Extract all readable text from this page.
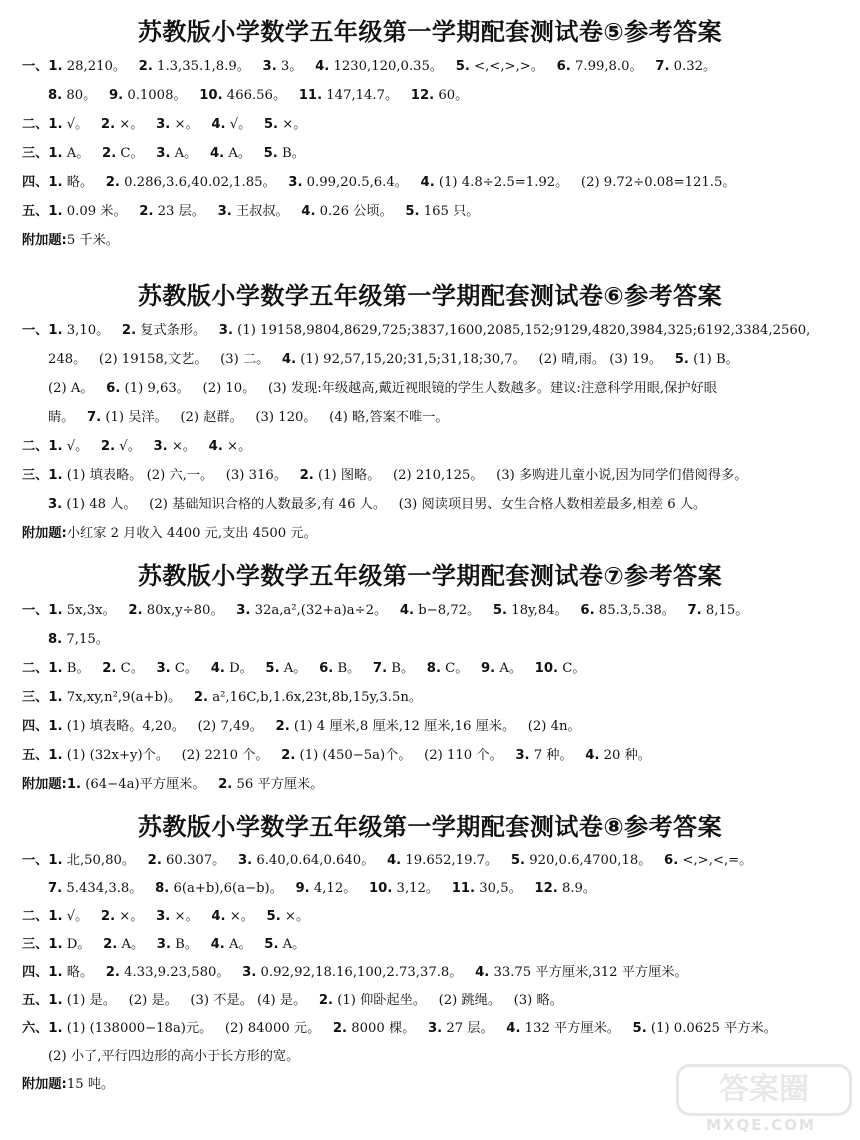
苏教版小学数学五年级第一学期配套测试卷⑤参考答案
一、1. 28,210。   2. 1.3,35.1,8.9。   3. 3。   4. 1230,120,0.35。   5. <,<,>,>。   6. 7.99,8.0。   7. 0.32。
8. 80。   9. 0.1008。   10. 466.56。   11. 147,14.7。   12. 60。
二、1. √。   2. ×。   3. ×。   4. √。   5. ×。
三、1. A。   2. C。   3. A。   4. A。   5. B。
四、1. 略。   2. 0.286,3.6,40.02,1.85。   3. 0.99,20.5,6.4。   4. (1) 4.8÷2.5=1.92。   (2) 9.72÷0.08=121.5。
五、1. 0.09 米。   2. 23 层。   3. 王叔叔。   4. 0.26 公顷。   5. 165 只。
附加题:5 千米。
苏教版小学数学五年级第一学期配套测试卷⑥参考答案
一、1. 3,10。   2. 复式条形。   3. (1) 19158,9804,8629,725;3837,1600,2085,152;9129,4820,3984,325;6192,3384,2560,
248。   (2) 19158,文艺。   (3) 二。   4. (1) 92,57,15,20;31,5;31,18;30,7。   (2) 晴,雨。 (3) 19。   5. (1) B。
(2) A。   6. (1) 9,63。   (2) 10。   (3) 发现:年级越高,戴近视眼镜的学生人数越多。建议:注意科学用眼,保护好眼
睛。   7. (1) 吴洋。   (2) 赵群。   (3) 120。   (4) 略,答案不唯一。
二、1. √。   2. √。   3. ×。   4. ×。
三、1. (1) 填表略。 (2) 六,一。   (3) 316。   2. (1) 图略。   (2) 210,125。   (3) 多购进儿童小说,因为同学们借阅得多。
3. (1) 48 人。   (2) 基础知识合格的人数最多,有 46 人。   (3) 阅读项目男、女生合格人数相差最多,相差 6 人。
附加题:小红家 2 月收入 4400 元,支出 4500 元。
苏教版小学数学五年级第一学期配套测试卷⑦参考答案
一、1. 5x,3x。   2. 80x,y÷80。   3. 32a,a²,(32+a)a÷2。   4. b−8,72。   5. 18y,84。   6. 85.3,5.38。   7. 8,15。
8. 7,15。
二、1. B。   2. C。   3. C。   4. D。   5. A。   6. B。   7. B。   8. C。   9. A。   10. C。
三、1. 7x,xy,n²,9(a+b)。   2. a²,16C,b,1.6x,23t,8b,15y,3.5n。
四、1. (1) 填表略。4,20。   (2) 7,49。   2. (1) 4 厘米,8 厘米,12 厘米,16 厘米。   (2) 4n。
五、1. (1) (32x+y)个。   (2) 2210 个。   2. (1) (450−5a)个。   (2) 110 个。   3. 7 种。   4. 20 种。
附加题:1. (64−4a)平方厘米。   2. 56 平方厘米。
苏教版小学数学五年级第一学期配套测试卷⑧参考答案
一、1. 北,50,80。   2. 60.307。   3. 6.40,0.64,0.640。   4. 19.652,19.7。   5. 920,0.6,4700,18。   6. <,>,<,=。
7. 5.434,3.8。   8. 6(a+b),6(a−b)。   9. 4,12。   10. 3,12。   11. 30,5。   12. 8.9。
二、1. √。   2. ×。   3. ×。   4. ×。   5. ×。
三、1. D。   2. A。   3. B。   4. A。   5. A。
四、1. 略。   2. 4.33,9.23,580。   3. 0.92,92,18.16,100,2.73,37.8。   4. 33.75 平方厘米,312 平方厘米。
五、1. (1) 是。   (2) 是。   (3) 不是。 (4) 是。   2. (1) 仰卧起坐。   (2) 跳绳。   (3) 略。
六、1. (1) (138000−18a)元。   (2) 84000 元。   2. 8000 棵。   3. 27 层。   4. 132 平方厘米。   5. (1) 0.0625 平方米。
(2) 小了,平行四边形的高小于长方形的宽。
附加题:15 吨。	答案圈
MXQE.COM
